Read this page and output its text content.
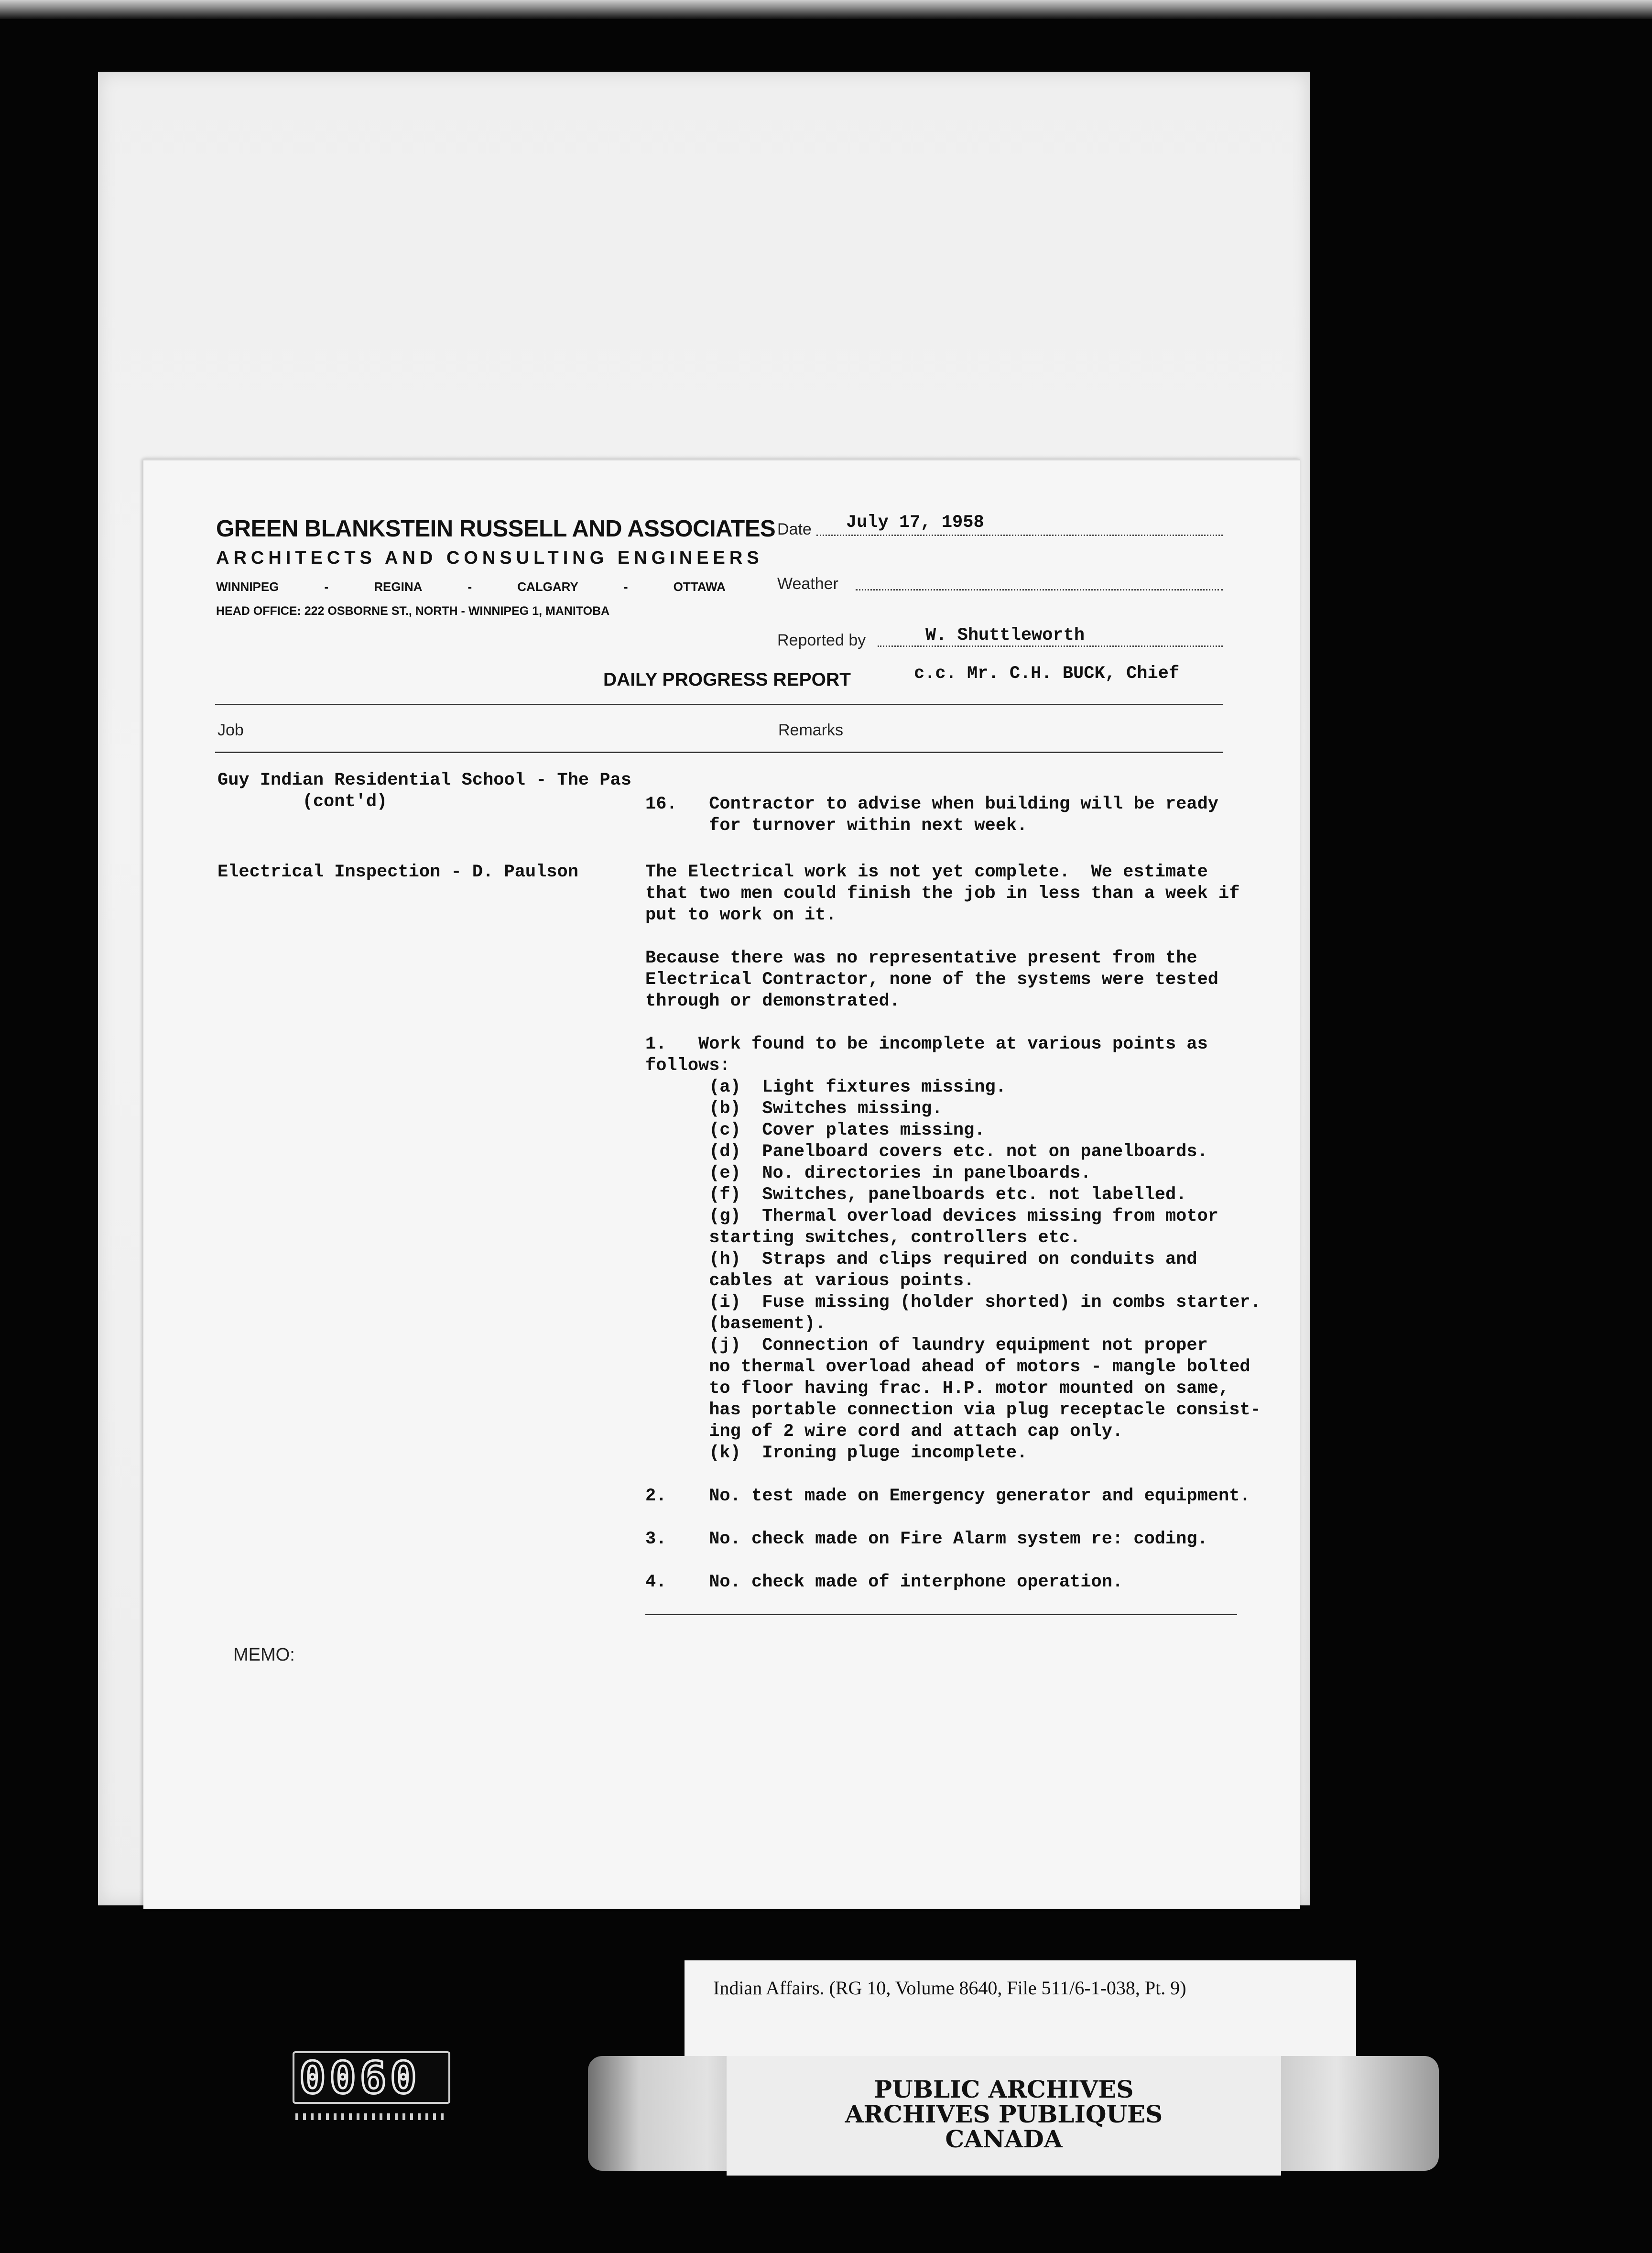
GREEN BLANKSTEIN RUSSELL AND ASSOCIATES
ARCHITECTS AND CONSULTING ENGINEERS
WINNIPEG	-	REGINA	-	CALGARY	-	OTTAWA
HEAD OFFICE: 222 OSBORNE ST., NORTH - WINNIPEG 1, MANITOBA
Date July 17, 1958
Weather
Reported by	W. Shuttleworth
c.c. Mr. C.H. BUCK, Chief
DAILY PROGRESS REPORT
Job	Remarks
Guy Indian Residential School - The Pas
(cont'd)	16.   Contractor to advise when building will be ready
for turnover within next week.
Electrical Inspection - D. Paulson	The Electrical work is not yet complete.  We estimate
that two men could finish the job in less than a week if
put to work on it.

Because there was no representative present from the
Electrical Contractor, none of the systems were tested
through or demonstrated.

1.   Work found to be incomplete at various points as
follows:
(a)  Light fixtures missing.
(b)  Switches missing.
(c)  Cover plates missing.
(d)  Panelboard covers etc. not on panelboards.
(e)  No. directories in panelboards.
(f)  Switches, panelboards etc. not labelled.
(g)  Thermal overload devices missing from motor
starting switches, controllers etc.
(h)  Straps and clips required on conduits and
cables at various points.
(i)  Fuse missing (holder shorted) in combs starter.
(basement).
(j)  Connection of laundry equipment not proper
no thermal overload ahead of motors - mangle bolted
to floor having frac. H.P. motor mounted on same,
has portable connection via plug receptacle consist-
ing of 2 wire cord and attach cap only.
(k)  Ironing pluge incomplete.

2.    No. test made on Emergency generator and equipment.

3.    No. check made on Fire Alarm system re: coding.

4.    No. check made of interphone operation.
MEMO:
Indian Affairs. (RG 10, Volume 8640, File 511/6-1-038, Pt. 9)
PUBLIC ARCHIVES
ARCHIVES PUBLIQUES
CANADA
0060
